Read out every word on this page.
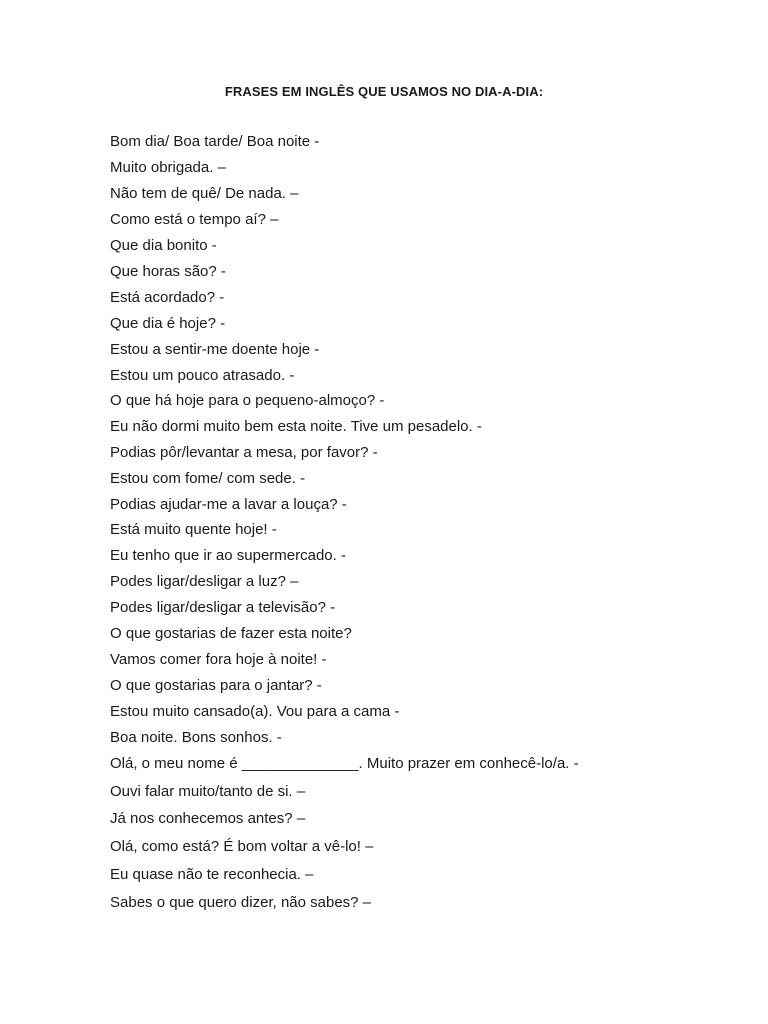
FRASES EM INGLÊS QUE USAMOS NO DIA-A-DIA:
Bom dia/ Boa tarde/ Boa noite -
Muito obrigada. –
Não tem de quê/ De nada. –
Como está o tempo aí? –
Que dia bonito -
Que horas são? -
Está acordado? -
Que dia é hoje? -
Estou a sentir-me doente hoje -
Estou um pouco atrasado. -
O que há hoje para o pequeno-almoço? -
Eu não dormi muito bem esta noite. Tive um pesadelo. -
Podias pôr/levantar a mesa, por favor? -
Estou com fome/ com sede. -
Podias ajudar-me a lavar a louça? -
Está muito quente hoje! -
Eu tenho que ir ao supermercado. -
Podes ligar/desligar a luz? –
Podes ligar/desligar a televisão? -
O que gostarias de fazer esta noite?
Vamos comer fora hoje à noite! -
O que gostarias para o jantar? -
Estou muito cansado(a). Vou para a cama -
Boa noite. Bons sonhos. -
Olá, o meu nome é ______________. Muito prazer em conhecê-lo/a. -
Ouvi falar muito/tanto de si. –
Já nos conhecemos antes? –
Olá, como está? É bom voltar a vê-lo! –
Eu quase não te reconhecia. –
Sabes o que quero dizer, não sabes? –
